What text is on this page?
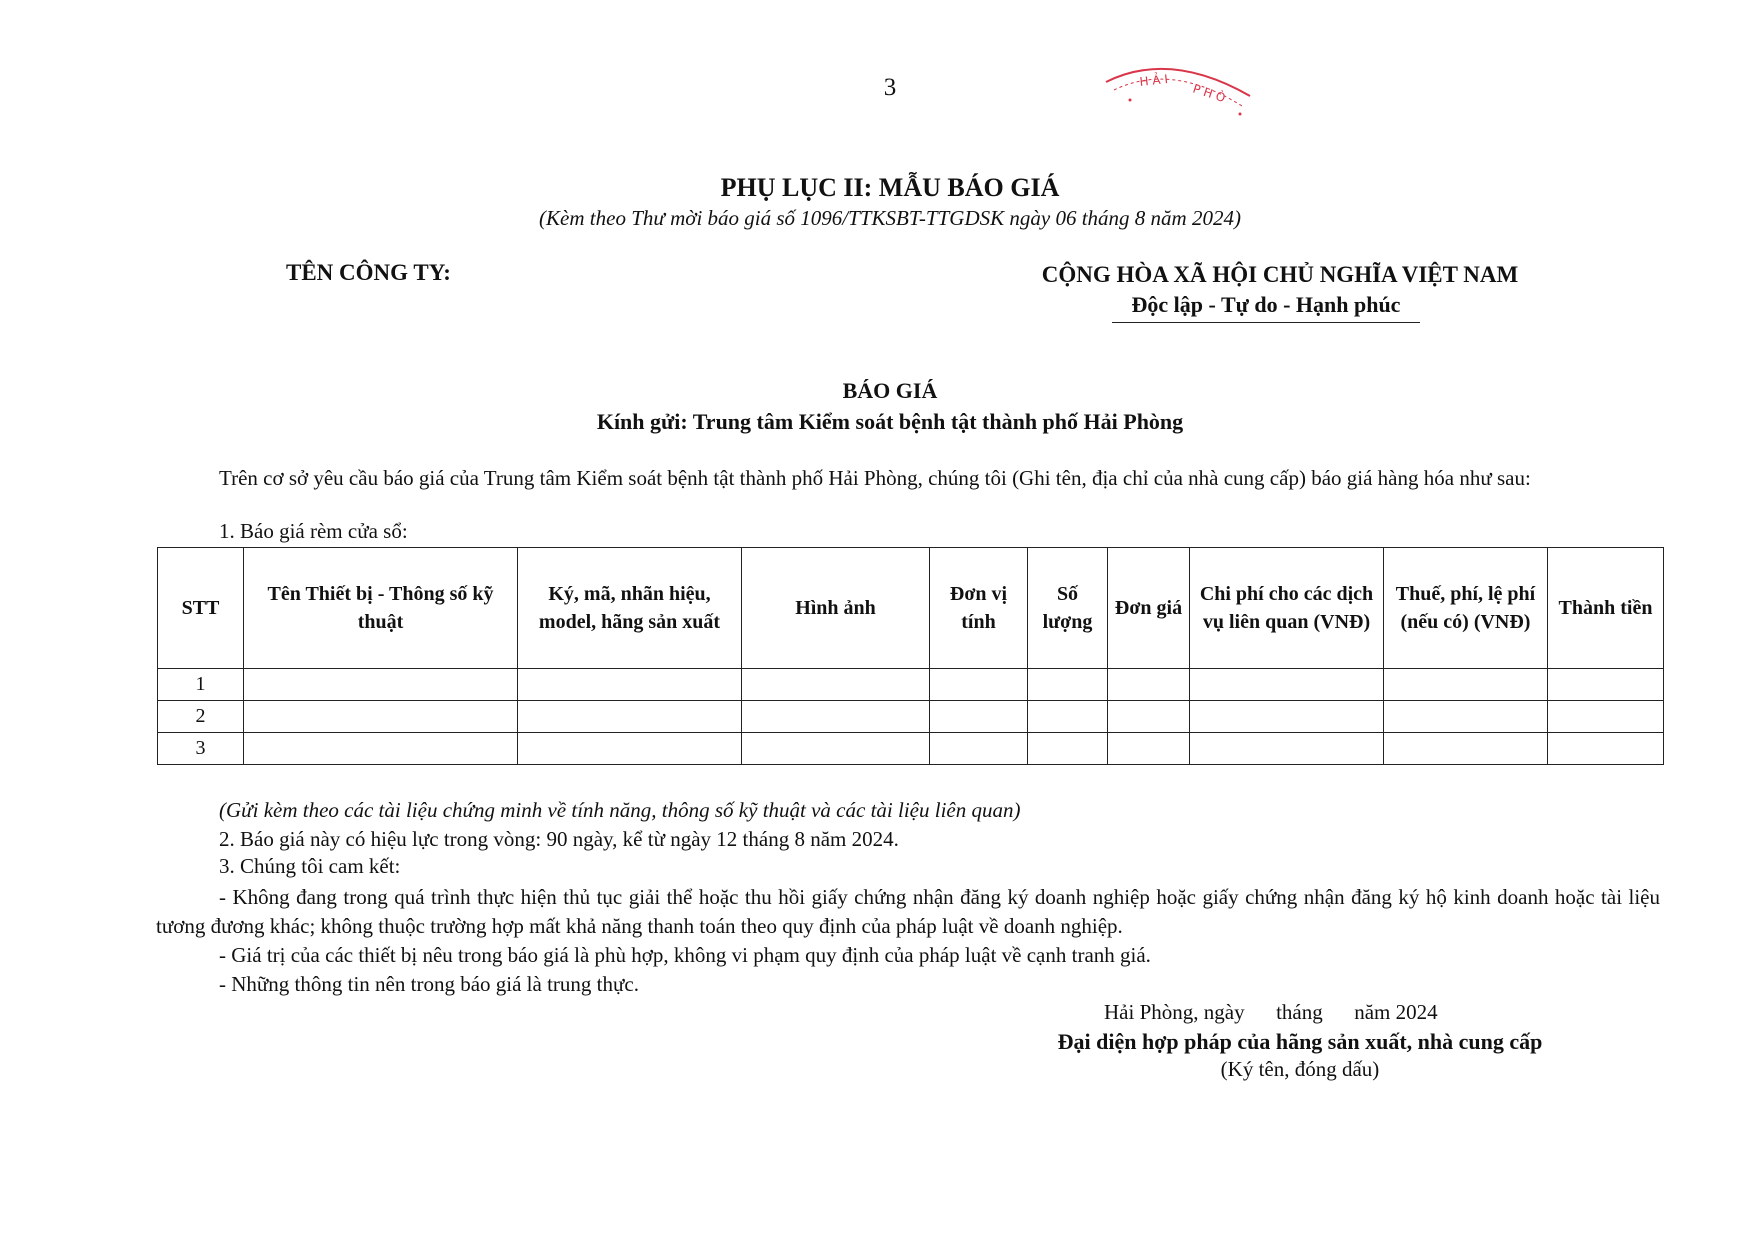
3	H Ả I
P H Ò
PHỤ LỤC II: MẪU BÁO GIÁ
(Kèm theo Thư mời báo giá số 1096/TTKSBT-TTGDSK ngày 06 tháng 8 năm 2024)
TÊN CÔNG TY:	CỘNG HÒA XÃ HỘI CHỦ NGHĨA VIỆT NAM
Độc lập - Tự do - Hạnh phúc
BÁO GIÁ
Kính gửi: Trung tâm Kiểm soát bệnh tật thành phố Hải Phòng
Trên cơ sở yêu cầu báo giá của Trung tâm Kiểm soát bệnh tật thành phố Hải Phòng, chúng tôi (Ghi tên, địa chỉ của nhà cung cấp) báo giá hàng hóa như sau:
1. Báo giá rèm cửa sổ:
STT	Tên Thiết bị - Thông số kỹ thuật	Ký, mã, nhãn hiệu, model, hãng sản xuất	Hình ảnh	Đơn vị tính	Số lượng	Đơn giá	Chi phí cho các dịch vụ liên quan (VNĐ)	Thuế, phí, lệ phí (nếu có) (VNĐ)	Thành tiền
1									
2									
3									
(Gửi kèm theo các tài liệu chứng minh về tính năng, thông số kỹ thuật và các tài liệu liên quan)
2. Báo giá này có hiệu lực trong vòng: 90 ngày, kể từ ngày 12 tháng 8 năm 2024.
3. Chúng tôi cam kết:
- Không đang trong quá trình thực hiện thủ tục giải thể hoặc thu hồi giấy chứng nhận đăng ký doanh nghiệp hoặc giấy chứng nhận đăng ký hộ kinh doanh hoặc tài liệu tương đương khác; không thuộc trường hợp mất khả năng thanh toán theo quy định của pháp luật về doanh nghiệp.
- Giá trị của các thiết bị nêu trong báo giá là phù hợp, không vi phạm quy định của pháp luật về cạnh tranh giá.
- Những thông tin nên trong báo giá là trung thực.
Hải Phòng, ngày      tháng      năm 2024
Đại diện hợp pháp của hãng sản xuất, nhà cung cấp
(Ký tên, đóng dấu)
